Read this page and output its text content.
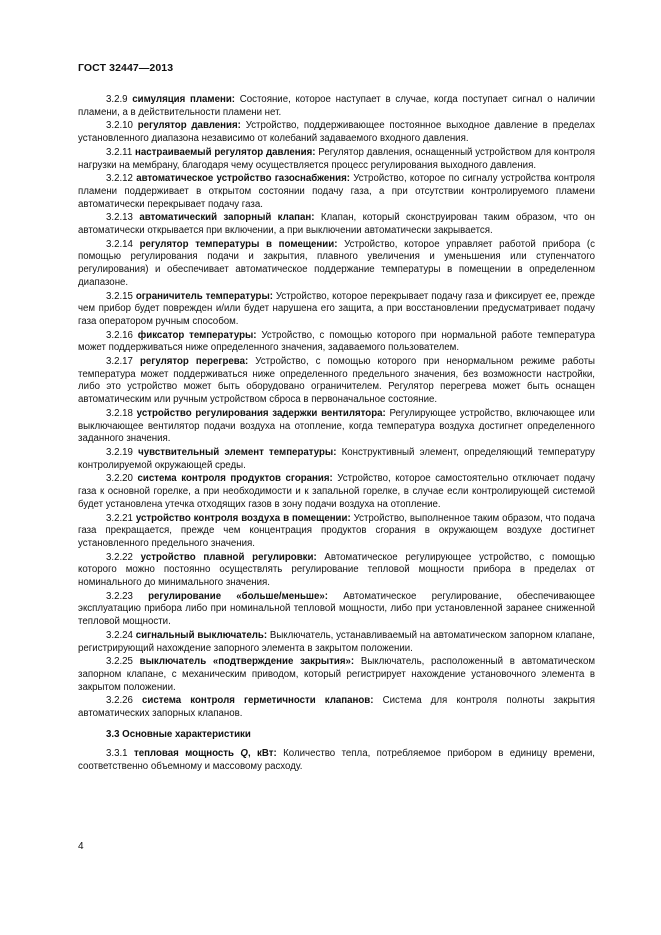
ГОСТ 32447—2013

3.2.9 симуляция пламени: Состояние, которое наступает в случае, когда поступает сигнал о наличии пламени, а в действительности пламени нет.

3.2.10 регулятор давления: Устройство, поддерживающее постоянное выходное давление в пределах установленного диапазона независимо от колебаний задаваемого входного давления.

3.2.11 настраиваемый регулятор давления: Регулятор давления, оснащенный устройством для контроля нагрузки на мембрану, благодаря чему осуществляется процесс регулирования выходного давления.

3.2.12 автоматическое устройство газоснабжения: Устройство, которое по сигналу устройства контроля пламени поддерживает в открытом состоянии подачу газа, а при отсутствии контролируемого пламени автоматически перекрывает подачу газа.

3.2.13 автоматический запорный клапан: Клапан, который сконструирован таким образом, что он автоматически открывается при включении, а при выключении автоматически закрывается.

3.2.14 регулятор температуры в помещении: Устройство, которое управляет работой прибора (с помощью регулирования подачи и закрытия, плавного увеличения и уменьшения или ступенчатого регулирования) и обеспечивает автоматическое поддержание температуры в помещении в определенном диапазоне.

3.2.15 ограничитель температуры: Устройство, которое перекрывает подачу газа и фиксирует ее, прежде чем прибор будет поврежден и/или будет нарушена его защита, а при восстановлении предусматривает подачу газа оператором ручным способом.

3.2.16 фиксатор температуры: Устройство, с помощью которого при нормальной работе температура может поддерживаться ниже определенного значения, задаваемого пользователем.

3.2.17 регулятор перегрева: Устройство, с помощью которого при ненормальном режиме работы температура может поддерживаться ниже определенного предельного значения, без возможности настройки, либо это устройство может быть оборудовано ограничителем. Регулятор перегрева может быть оснащен автоматическим или ручным устройством сброса в первоначальное состояние.

3.2.18 устройство регулирования задержки вентилятора: Регулирующее устройство, включающее или выключающее вентилятор подачи воздуха на отопление, когда температура воздуха достигнет определенного заданного значения.

3.2.19 чувствительный элемент температуры: Конструктивный элемент, определяющий температуру контролируемой окружающей среды.

3.2.20 система контроля продуктов сгорания: Устройство, которое самостоятельно отключает подачу газа к основной горелке, а при необходимости и к запальной горелке, в случае если контролирующей системой будет установлена утечка отходящих газов в зону подачи воздуха на отопление.

3.2.21 устройство контроля воздуха в помещении: Устройство, выполненное таким образом, что подача газа прекращается, прежде чем концентрация продуктов сгорания в окружающем воздухе достигнет установленного предельного значения.

3.2.22 устройство плавной регулировки: Автоматическое регулирующее устройство, с помощью которого можно постоянно осуществлять регулирование тепловой мощности прибора в пределах от номинального до минимального значения.

3.2.23 регулирование «больше/меньше»: Автоматическое регулирование, обеспечивающее эксплуатацию прибора либо при номинальной тепловой мощности, либо при установленной заранее сниженной тепловой мощности.

3.2.24 сигнальный выключатель: Выключатель, устанавливаемый на автоматическом запорном клапане, регистрирующий нахождение запорного элемента в закрытом положении.

3.2.25 выключатель «подтверждение закрытия»: Выключатель, расположенный в автоматическом запорном клапане, с механическим приводом, который регистрирует нахождение установочного элемента в закрытом положении.

3.2.26 система контроля герметичности клапанов: Система для контроля полноты закрытия автоматических запорных клапанов.

3.3 Основные характеристики

3.3.1 тепловая мощность Q, кВт: Количество тепла, потребляемое прибором в единицу времени, соответственно объемному и массовому расходу.

4
